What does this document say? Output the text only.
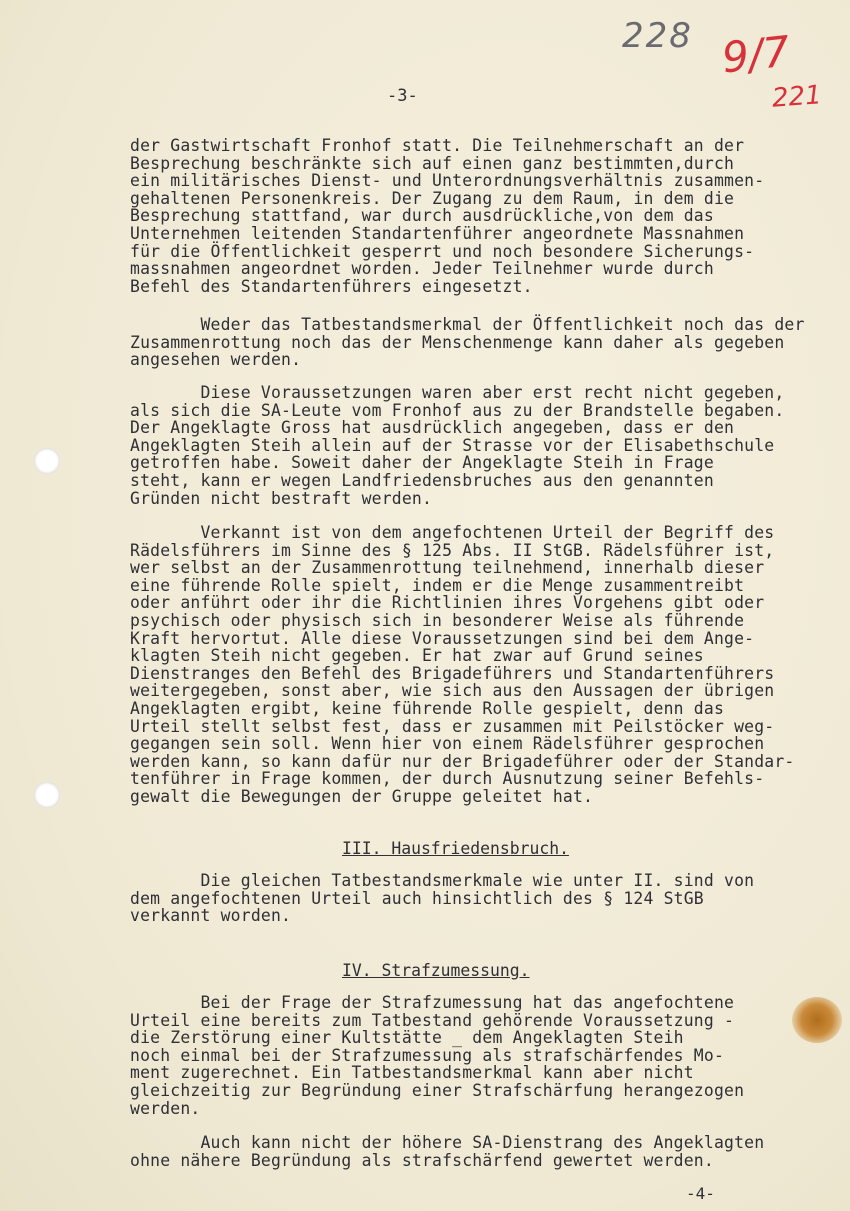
228 9/7
221
-3-
der Gastwirtschaft Fronhof statt. Die Teilnehmerschaft an der
Besprechung beschränkte sich auf einen ganz bestimmten,durch
ein militärisches Dienst- und Unterordnungsverhältnis zusammen-
gehaltenen Personenkreis. Der Zugang zu dem Raum, in dem die
Besprechung stattfand, war durch ausdrückliche,von dem das
Unternehmen leitenden Standartenführer angeordnete Massnahmen
für die Öffentlichkeit gesperrt und noch besondere Sicherungs-
massnahmen angeordnet worden. Jeder Teilnehmer wurde durch
Befehl des Standartenführers eingesetzt.
Weder das Tatbestandsmerkmal der Öffentlichkeit noch das der
Zusammenrottung noch das der Menschenmenge kann daher als gegeben
angesehen werden.
Diese Voraussetzungen waren aber erst recht nicht gegeben,
als sich die SA-Leute vom Fronhof aus zu der Brandstelle begaben.
Der Angeklagte Gross hat ausdrücklich angegeben, dass er den
Angeklagten Steih allein auf der Strasse vor der Elisabethschule
getroffen habe. Soweit daher der Angeklagte Steih in Frage
steht, kann er wegen Landfriedensbruches aus den genannten
Gründen nicht bestraft werden.
Verkannt ist von dem angefochtenen Urteil der Begriff des
Rädelsführers im Sinne des § 125 Abs. II StGB. Rädelsführer ist,
wer selbst an der Zusammenrottung teilnehmend, innerhalb dieser
eine führende Rolle spielt, indem er die Menge zusammentreibt
oder anführt oder ihr die Richtlinien ihres Vorgehens gibt oder
psychisch oder physisch sich in besonderer Weise als führende
Kraft hervortut. Alle diese Voraussetzungen sind bei dem Ange-
klagten Steih nicht gegeben. Er hat zwar auf Grund seines
Dienstranges den Befehl des Brigadeführers und Standartenführers
weitergegeben, sonst aber, wie sich aus den Aussagen der übrigen
Angeklagten ergibt, keine führende Rolle gespielt, denn das
Urteil stellt selbst fest, dass er zusammen mit Peilstöcker weg-
gegangen sein soll. Wenn hier von einem Rädelsführer gesprochen
werden kann, so kann dafür nur der Brigadeführer oder der Standar-
tenführer in Frage kommen, der durch Ausnutzung seiner Befehls-
gewalt die Bewegungen der Gruppe geleitet hat.
III. Hausfriedensbruch.
Die gleichen Tatbestandsmerkmale wie unter II. sind von
dem angefochtenen Urteil auch hinsichtlich des § 124 StGB
verkannt worden.
IV. Strafzumessung.
Bei der Frage der Strafzumessung hat das angefochtene
Urteil eine bereits zum Tatbestand gehörende Voraussetzung -
die Zerstörung einer Kultstätte _ dem Angeklagten Steih
noch einmal bei der Strafzumessung als strafschärfendes Mo-
ment zugerechnet. Ein Tatbestandsmerkmal kann aber nicht
gleichzeitig zur Begründung einer Strafschärfung herangezogen
werden.
Auch kann nicht der höhere SA-Dienstrang des Angeklagten
ohne nähere Begründung als strafschärfend gewertet werden.
-4-
